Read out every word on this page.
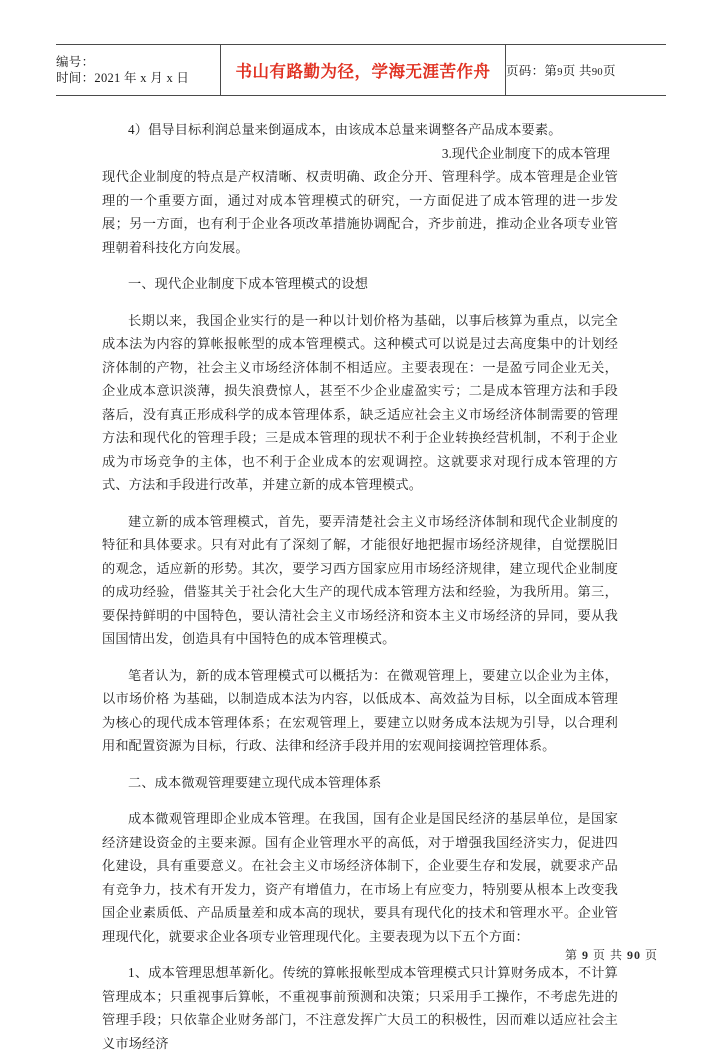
编号：
时间：2021 年 x 月 x 日	书山有路勤为径，学海无涯苦作舟	页码：第9页 共90页

4）倡导目标利润总量来倒逼成本，由该成本总量来调整各产品成本要素。

3.现代企业制度下的成本管理

现代企业制度的特点是产权清晰、权责明确、政企分开、管理科学。成本管理是企业管理的一个重要方面，通过对成本管理模式的研究，一方面促进了成本管理的进一步发展；另一方面，也有利于企业各项改革措施协调配合，齐步前进，推动企业各项专业管理朝着科技化方向发展。

一、现代企业制度下成本管理模式的设想

长期以来，我国企业实行的是一种以计划价格为基础，以事后核算为重点，以完全成本法为内容的算帐报帐型的成本管理模式。这种模式可以说是过去高度集中的计划经济体制的产物，社会主义市场经济体制不相适应。主要表现在：一是盈亏同企业无关，企业成本意识淡薄，损失浪费惊人，甚至不少企业虚盈实亏；二是成本管理方法和手段落后，没有真正形成科学的成本管理体系，缺乏适应社会主义市场经济体制需要的管理方法和现代化的管理手段；三是成本管理的现状不利于企业转换经营机制，不利于企业成为市场竞争的主体，也不利于企业成本的宏观调控。这就要求对现行成本管理的方式、方法和手段进行改革，并建立新的成本管理模式。

建立新的成本管理模式，首先，要弄清楚社会主义市场经济体制和现代企业制度的特征和具体要求。只有对此有了深刻了解，才能很好地把握市场经济规律，自觉摆脱旧的观念，适应新的形势。其次，要学习西方国家应用市场经济规律，建立现代企业制度的成功经验，借鉴其关于社会化大生产的现代成本管理方法和经验，为我所用。第三，要保持鲜明的中国特色，要认清社会主义市场经济和资本主义市场经济的异同，要从我国国情出发，创造具有中国特色的成本管理模式。

笔者认为，新的成本管理模式可以概括为：在微观管理上，要建立以企业为主体，以市场价格 为基础，以制造成本法为内容，以低成本、高效益为目标，以全面成本管理为核心的现代成本管理体系；在宏观管理上，要建立以财务成本法规为引导，以合理利用和配置资源为目标，行政、法律和经济手段并用的宏观间接调控管理体系。

二、成本微观管理要建立现代成本管理体系

成本微观管理即企业成本管理。在我国，国有企业是国民经济的基层单位，是国家经济建设资金的主要来源。国有企业管理水平的高低，对于增强我国经济实力，促进四化建设，具有重要意义。在社会主义市场经济体制下，企业要生存和发展，就要求产品有竞争力，技术有开发力，资产有增值力，在市场上有应变力，特别要从根本上改变我国企业素质低、产品质量差和成本高的现状，要具有现代化的技术和管理水平。企业管理现代化，就要求企业各项专业管理现代化。主要表现为以下五个方面：

1、成本管理思想革新化。传统的算帐报帐型成本管理模式只计算财务成本，不计算管理成本；只重视事后算帐，不重视事前预测和决策；只采用手工操作，不考虑先进的管理手段；只依靠企业财务部门，不注意发挥广大员工的积极性，因而难以适应社会主义市场经济

第 9 页 共 90 页
